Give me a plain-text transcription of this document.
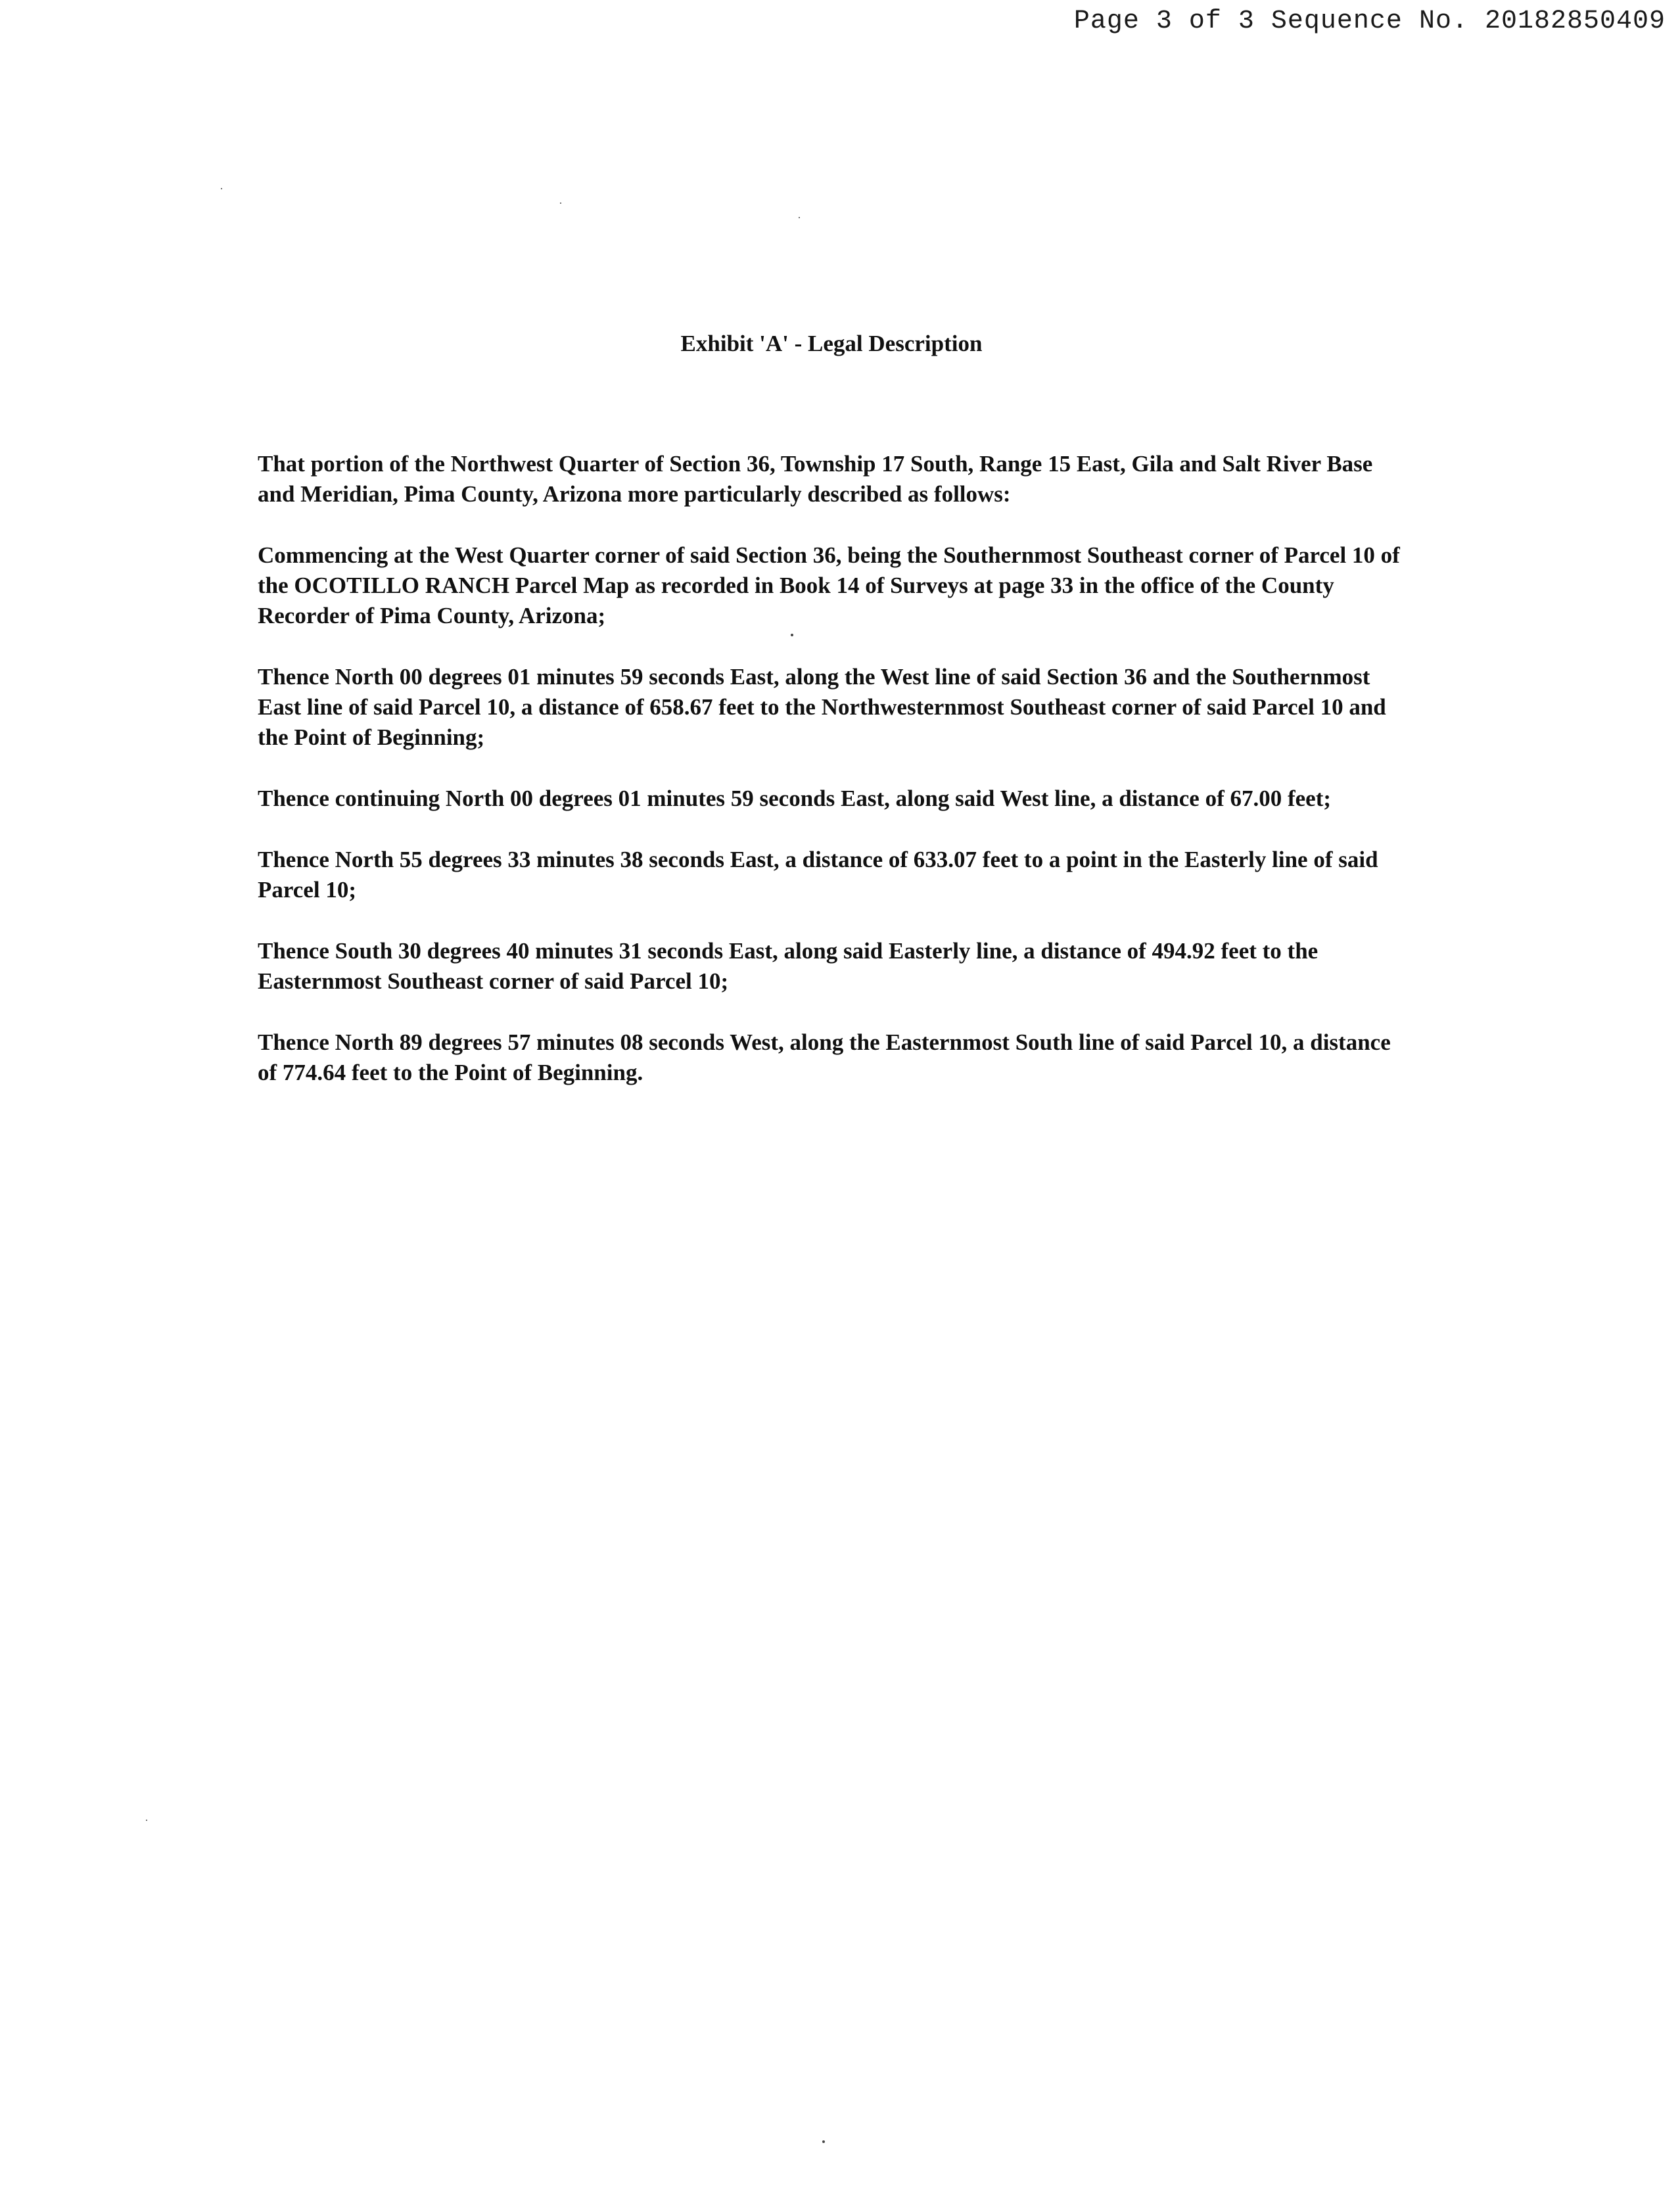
Page 3 of 3 Sequence No. 20182850409
Exhibit 'A' - Legal Description

That portion of the Northwest Quarter of Section 36, Township 17 South, Range 15 East, Gila and Salt River Base and Meridian, Pima County, Arizona more particularly described as follows:

Commencing at the West Quarter corner of said Section 36, being the Southernmost Southeast corner of Parcel 10 of the OCOTILLO RANCH Parcel Map as recorded in Book 14 of Surveys at page 33 in the office of the County Recorder of Pima County, Arizona;

Thence North 00 degrees 01 minutes 59 seconds East, along the West line of said Section 36 and the Southernmost East line of said Parcel 10, a distance of 658.67 feet to the Northwesternmost Southeast corner of said Parcel 10 and the Point of Beginning;

Thence continuing North 00 degrees 01 minutes 59 seconds East, along said West line, a distance of 67.00 feet;

Thence North 55 degrees 33 minutes 38 seconds East, a distance of 633.07 feet to a point in the Easterly line of said Parcel 10;

Thence South 30 degrees 40 minutes 31 seconds East, along said Easterly line, a distance of 494.92 feet to the Easternmost Southeast corner of said Parcel 10;

Thence North 89 degrees 57 minutes 08 seconds West, along the Easternmost South line of said Parcel 10, a distance of 774.64 feet to the Point of Beginning.
